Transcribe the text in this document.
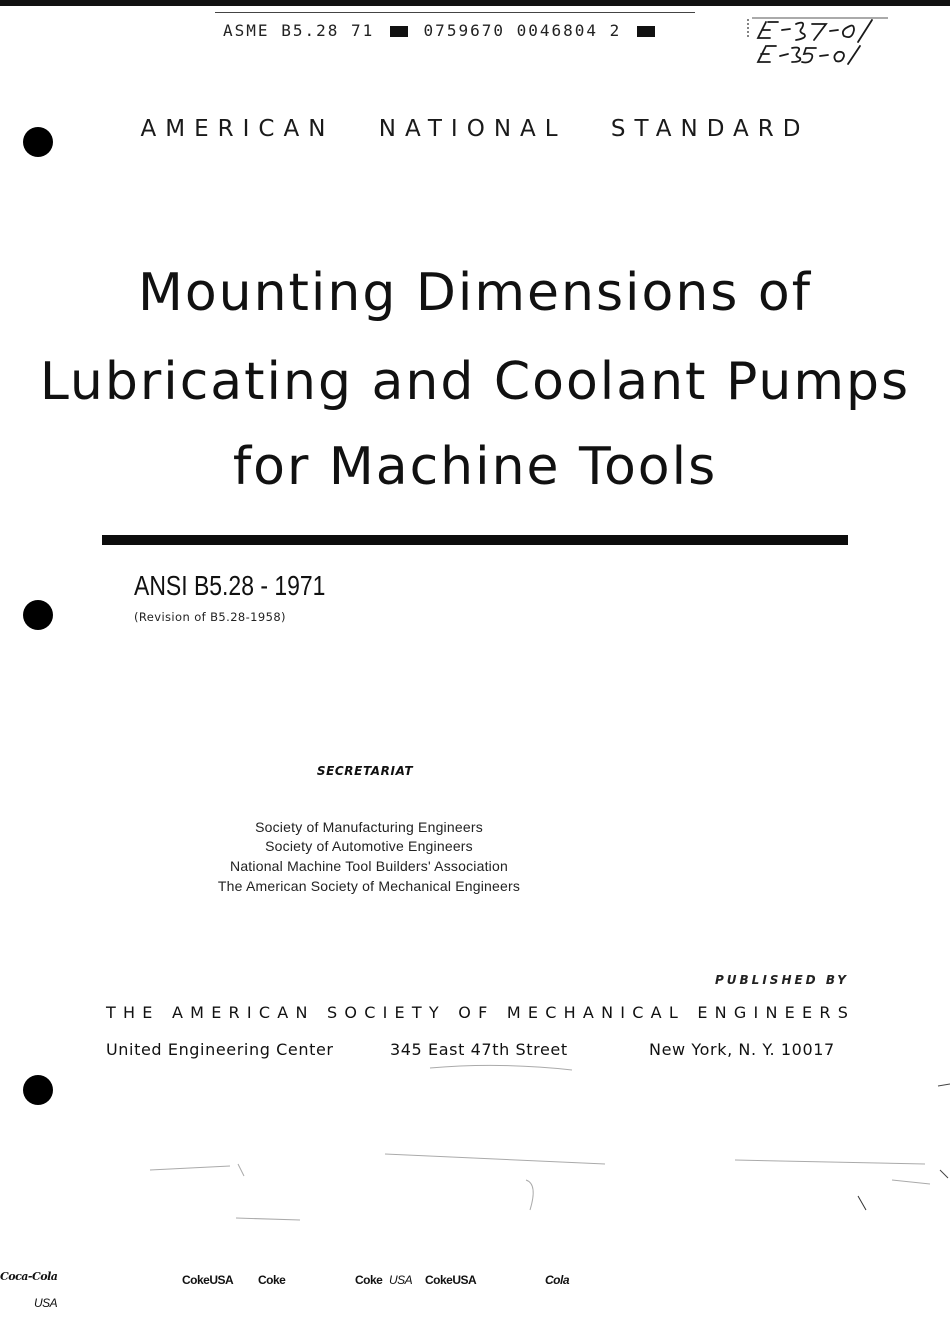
ASME B5.28 71	0759670 0046804 2
AMERICAN NATIONAL STANDARD
Mounting Dimensions of
Lubricating and Coolant Pumps
for Machine Tools
ANSI B5.28 - 1971
(Revision of B5.28-1958)
SECRETARIAT
Society of Manufacturing Engineers
Society of Automotive Engineers
National Machine Tool Builders' Association
The American Society of Mechanical Engineers
PUBLISHED BY
T H E
A M E R I C A N
S O C I E T Y
O F
M E C H A N I C A L
E N G I N E E R S
United Engineering Center	345 East 47th Street	New York, N. Y. 10017
Coca-Cola
USA
CokeUSA Coke	Coke USA CokeUSA	Cola
